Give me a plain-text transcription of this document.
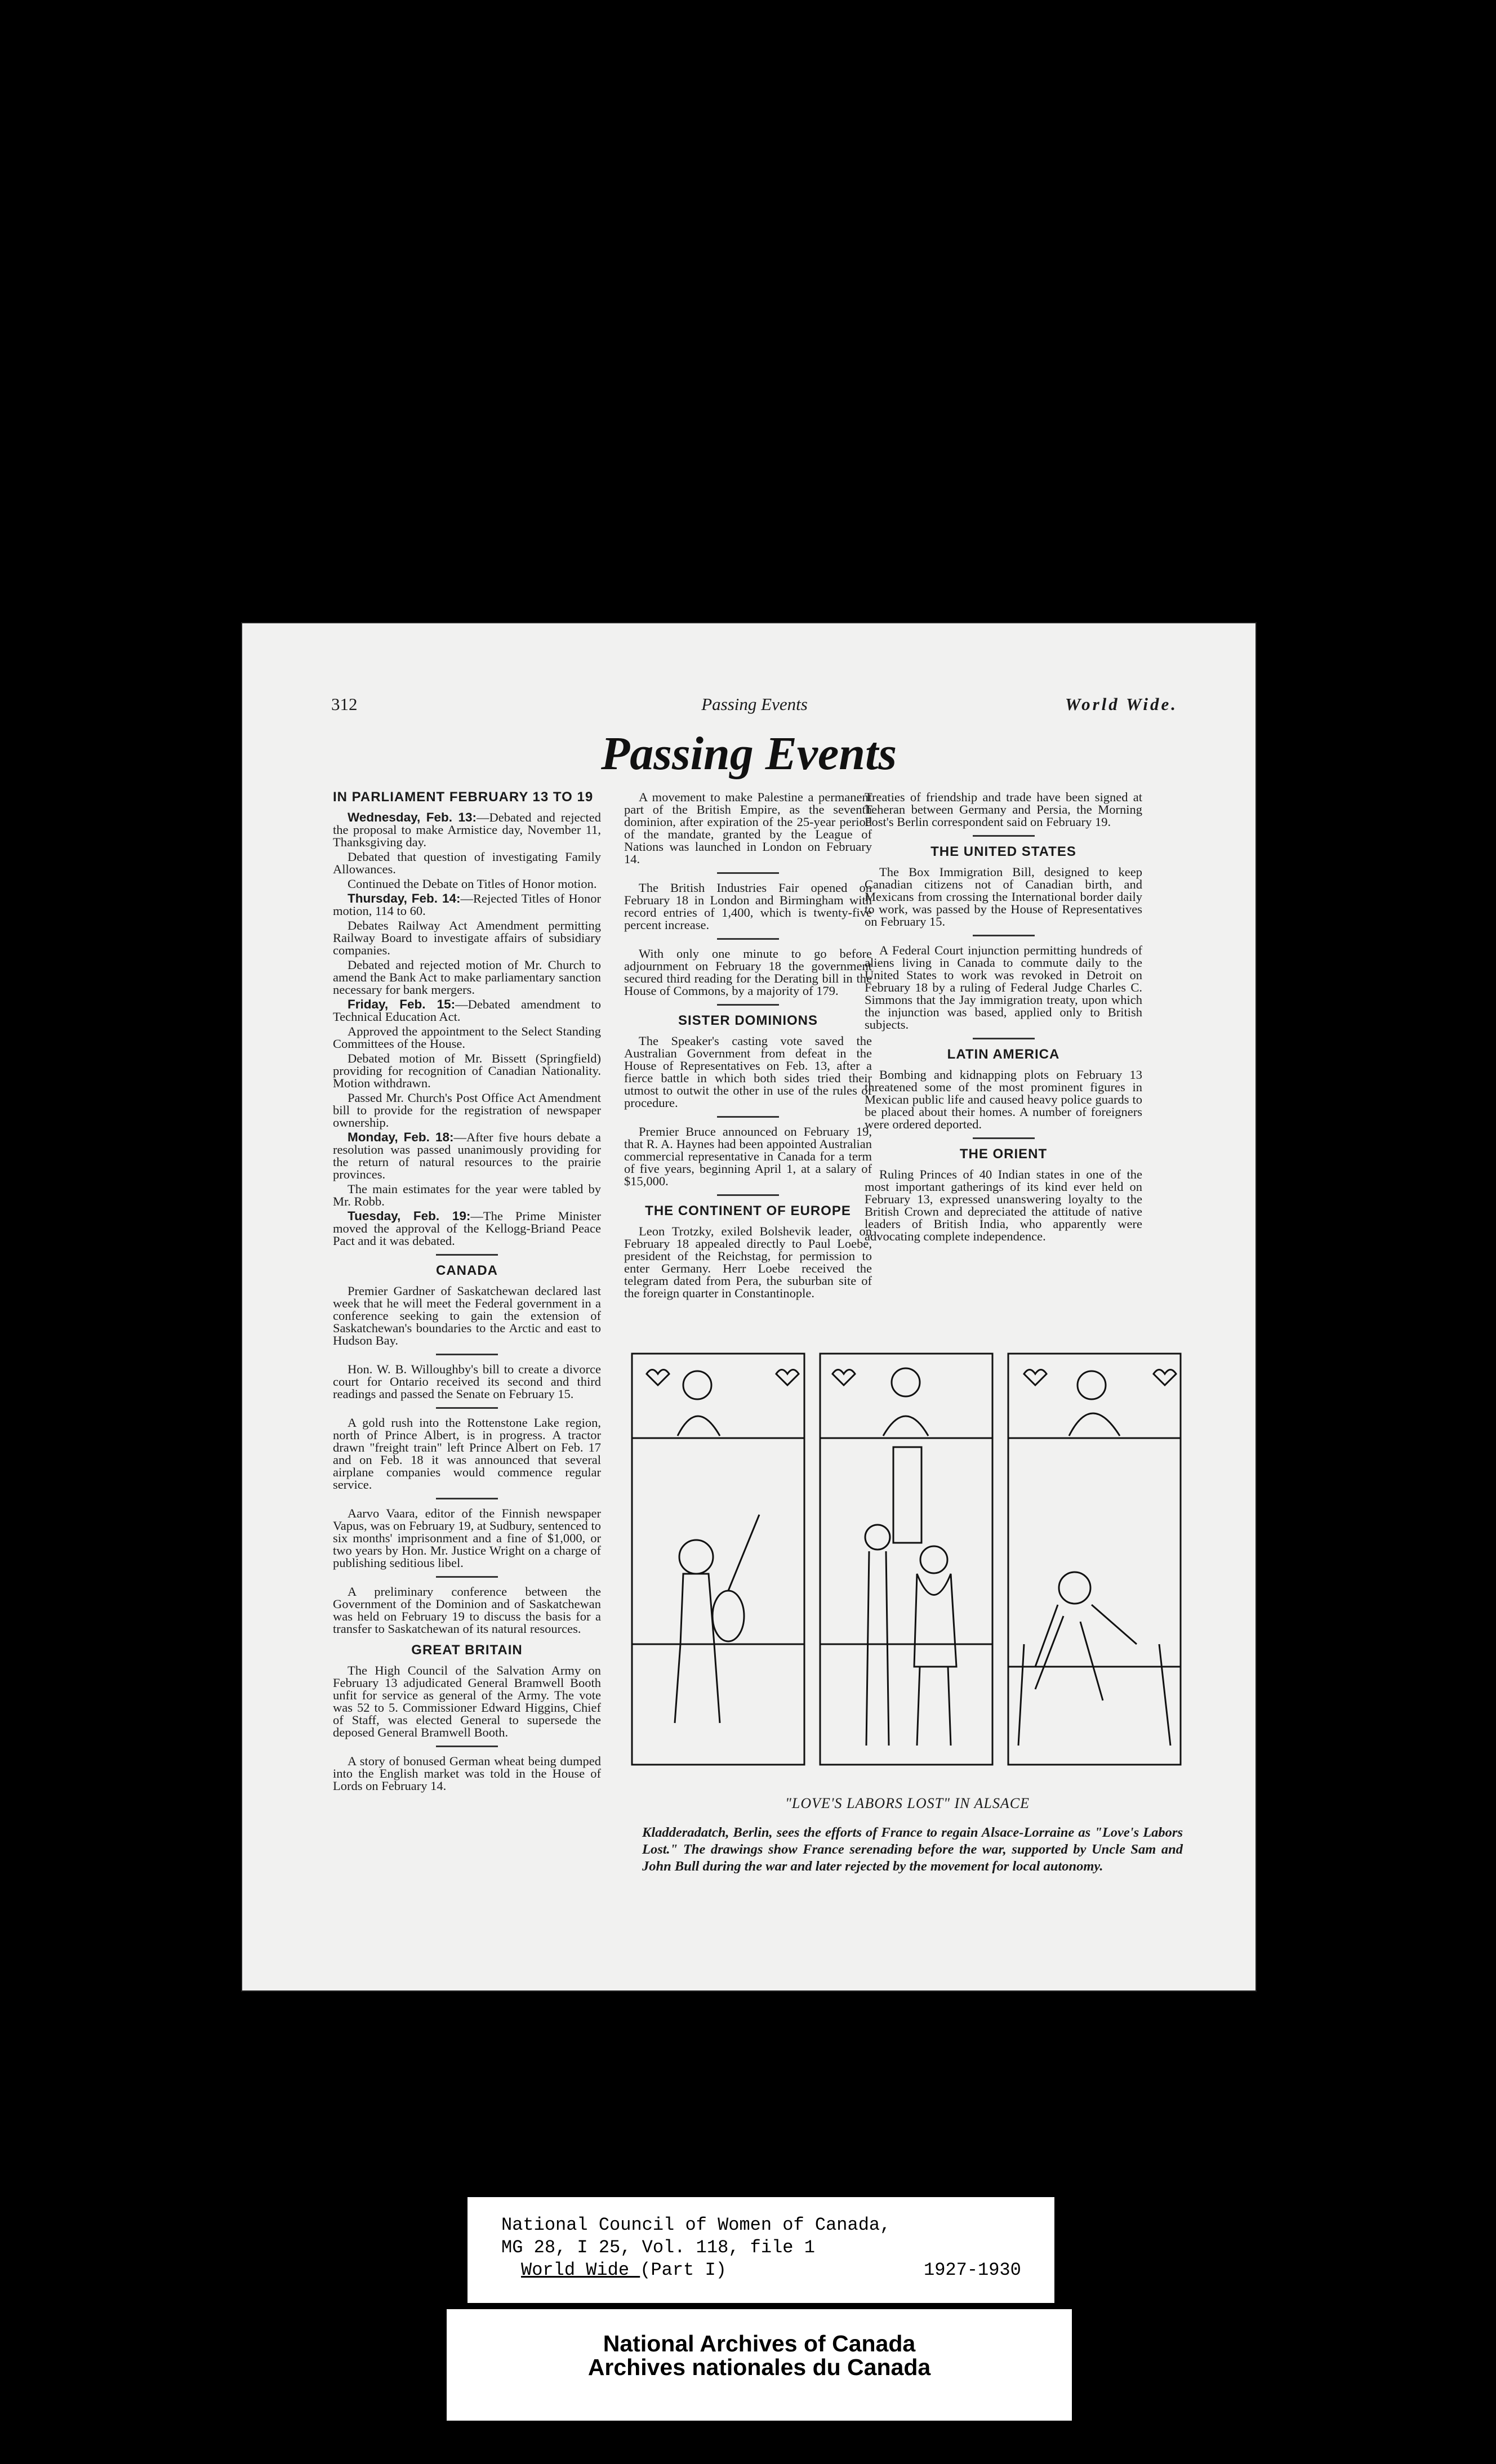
312	Passing Events	World Wide.
Passing Events
IN PARLIAMENT FEBRUARY 13 TO 19

Wednesday, Feb. 13:—Debated and rejected the proposal to make Armistice day, November 11, Thanksgiving day.

Debated that question of investigating Family Allowances.

Continued the Debate on Titles of Honor motion.

Thursday, Feb. 14:—Rejected Titles of Honor motion, 114 to 60.

Debates Railway Act Amendment permitting Railway Board to investigate affairs of subsidiary companies.

Debated and rejected motion of Mr. Church to amend the Bank Act to make parliamentary sanction necessary for bank mergers.

Friday, Feb. 15:—Debated amendment to Technical Education Act.

Approved the appointment to the Select Standing Committees of the House.

Debated motion of Mr. Bissett (Springfield) providing for recognition of Canadian Nationality. Motion withdrawn.

Passed Mr. Church's Post Office Act Amendment bill to provide for the registration of newspaper ownership.

Monday, Feb. 18:—After five hours debate a resolution was passed unanimously providing for the return of natural resources to the prairie provinces.

The main estimates for the year were tabled by Mr. Robb.

Tuesday, Feb. 19:—The Prime Minister moved the approval of the Kellogg-Briand Peace Pact and it was debated.

CANADA

Premier Gardner of Saskatchewan declared last week that he will meet the Federal government in a conference seeking to gain the extension of Saskatchewan's boundaries to the Arctic and east to Hudson Bay.

Hon. W. B. Willoughby's bill to create a divorce court for Ontario received its second and third readings and passed the Senate on February 15.

A gold rush into the Rottenstone Lake region, north of Prince Albert, is in progress. A tractor drawn "freight train" left Prince Albert on Feb. 17 and on Feb. 18 it was announced that several airplane companies would commence regular service.

Aarvo Vaara, editor of the Finnish newspaper Vapus, was on February 19, at Sudbury, sentenced to six months' imprisonment and a fine of $1,000, or two years by Hon. Mr. Justice Wright on a charge of publishing seditious libel.

A preliminary conference between the Government of the Dominion and of Saskatchewan was held on February 19 to discuss the basis for a transfer to Saskatchewan of its natural resources.

GREAT BRITAIN

The High Council of the Salvation Army on February 13 adjudicated General Bramwell Booth unfit for service as general of the Army. The vote was 52 to 5. Commissioner Edward Higgins, Chief of Staff, was elected General to supersede the deposed General Bramwell Booth.

A story of bonused German wheat being dumped into the English market was told in the House of Lords on February 14.

A movement to make Palestine a permanent part of the British Empire, as the seventh dominion, after expiration of the 25-year period of the mandate, granted by the League of Nations was launched in London on February 14.

The British Industries Fair opened on February 18 in London and Birmingham with record entries of 1,400, which is twenty-five percent increase.

With only one minute to go before adjournment on February 18 the government secured third reading for the Derating bill in the House of Commons, by a majority of 179.

SISTER DOMINIONS

The Speaker's casting vote saved the Australian Government from defeat in the House of Representatives on Feb. 13, after a fierce battle in which both sides tried their utmost to outwit the other in use of the rules of procedure.

Premier Bruce announced on February 19, that R. A. Haynes had been appointed Australian commercial representative in Canada for a term of five years, beginning April 1, at a salary of $15,000.

THE CONTINENT OF EUROPE

Leon Trotzky, exiled Bolshevik leader, on February 18 appealed directly to Paul Loebe, president of the Reichstag, for permission to enter Germany. Herr Loebe received the telegram dated from Pera, the suburban site of the foreign quarter in Constantinople.

Treaties of friendship and trade have been signed at Teheran between Germany and Persia, the Morning Post's Berlin correspondent said on February 19.

THE UNITED STATES

The Box Immigration Bill, designed to keep Canadian citizens not of Canadian birth, and Mexicans from crossing the International border daily to work, was passed by the House of Representatives on February 15.

A Federal Court injunction permitting hundreds of aliens living in Canada to commute daily to the United States to work was revoked in Detroit on February 18 by a ruling of Federal Judge Charles C. Simmons that the Jay immigration treaty, upon which the injunction was based, applied only to British subjects.

LATIN AMERICA

Bombing and kidnapping plots on February 13 threatened some of the most prominent figures in Mexican public life and caused heavy police guards to be placed about their homes. A number of foreigners were ordered deported.

THE ORIENT

Ruling Princes of 40 Indian states in one of the most important gatherings of its kind ever held on February 13, expressed unanswering loyalty to the British Crown and depreciated the attitude of native leaders of British India, who apparently were advocating complete independence.

"LOVE'S LABORS LOST" IN ALSACE
Kladderadatch, Berlin, sees the efforts of France to regain Alsace-Lorraine as "Love's Labors Lost." The drawings show France serenading before the war, supported by Uncle Sam and John Bull during the war and later rejected by the movement for local autonomy.
National Council of Women of Canada,
MG 28, I 25, Vol. 118, file 1
World Wide (Part I)	1927-1930
National Archives of Canada
Archives nationales du Canada
